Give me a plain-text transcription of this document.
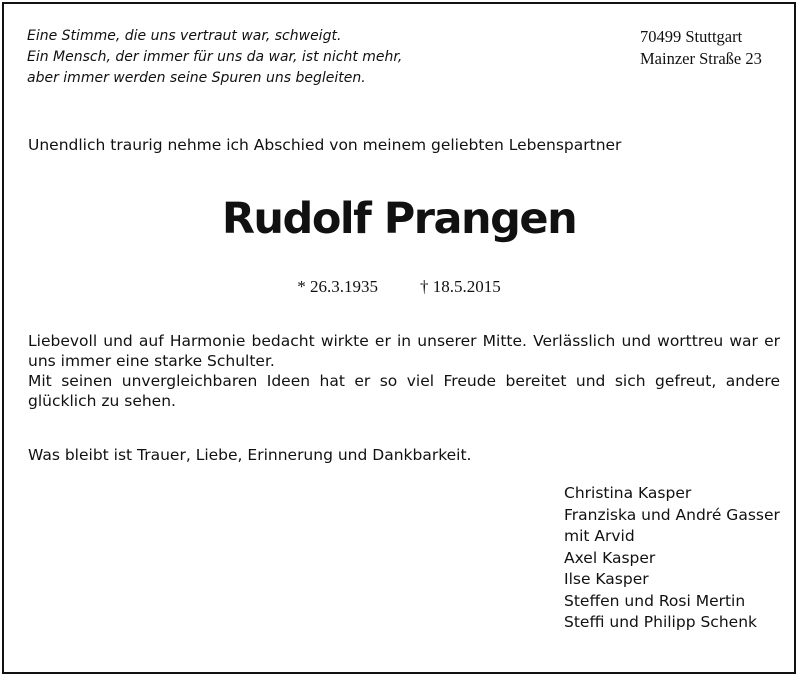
Eine Stimme, die uns vertraut war, schweigt.
Ein Mensch, der immer für uns da war, ist nicht mehr,
aber immer werden seine Spuren uns begleiten.
70499 Stuttgart
Mainzer Straße 23
Unendlich traurig nehme ich Abschied von meinem geliebten Lebenspartner
Rudolf Prangen
* 26.3.1935 † 18.5.2015

Liebevoll und auf Harmonie bedacht wirkte er in unserer Mitte. Verlässlich und worttreu war er uns immer eine starke Schulter.

Mit seinen unvergleichbaren Ideen hat er so viel Freude bereitet und sich gefreut, andere glücklich zu sehen.

Was bleibt ist Trauer, Liebe, Erinnerung und Dankbarkeit.
Christina Kasper
Franziska und André Gasser
mit Arvid
Axel Kasper
Ilse Kasper
Steffen und Rosi Mertin
Steffi und Philipp Schenk
